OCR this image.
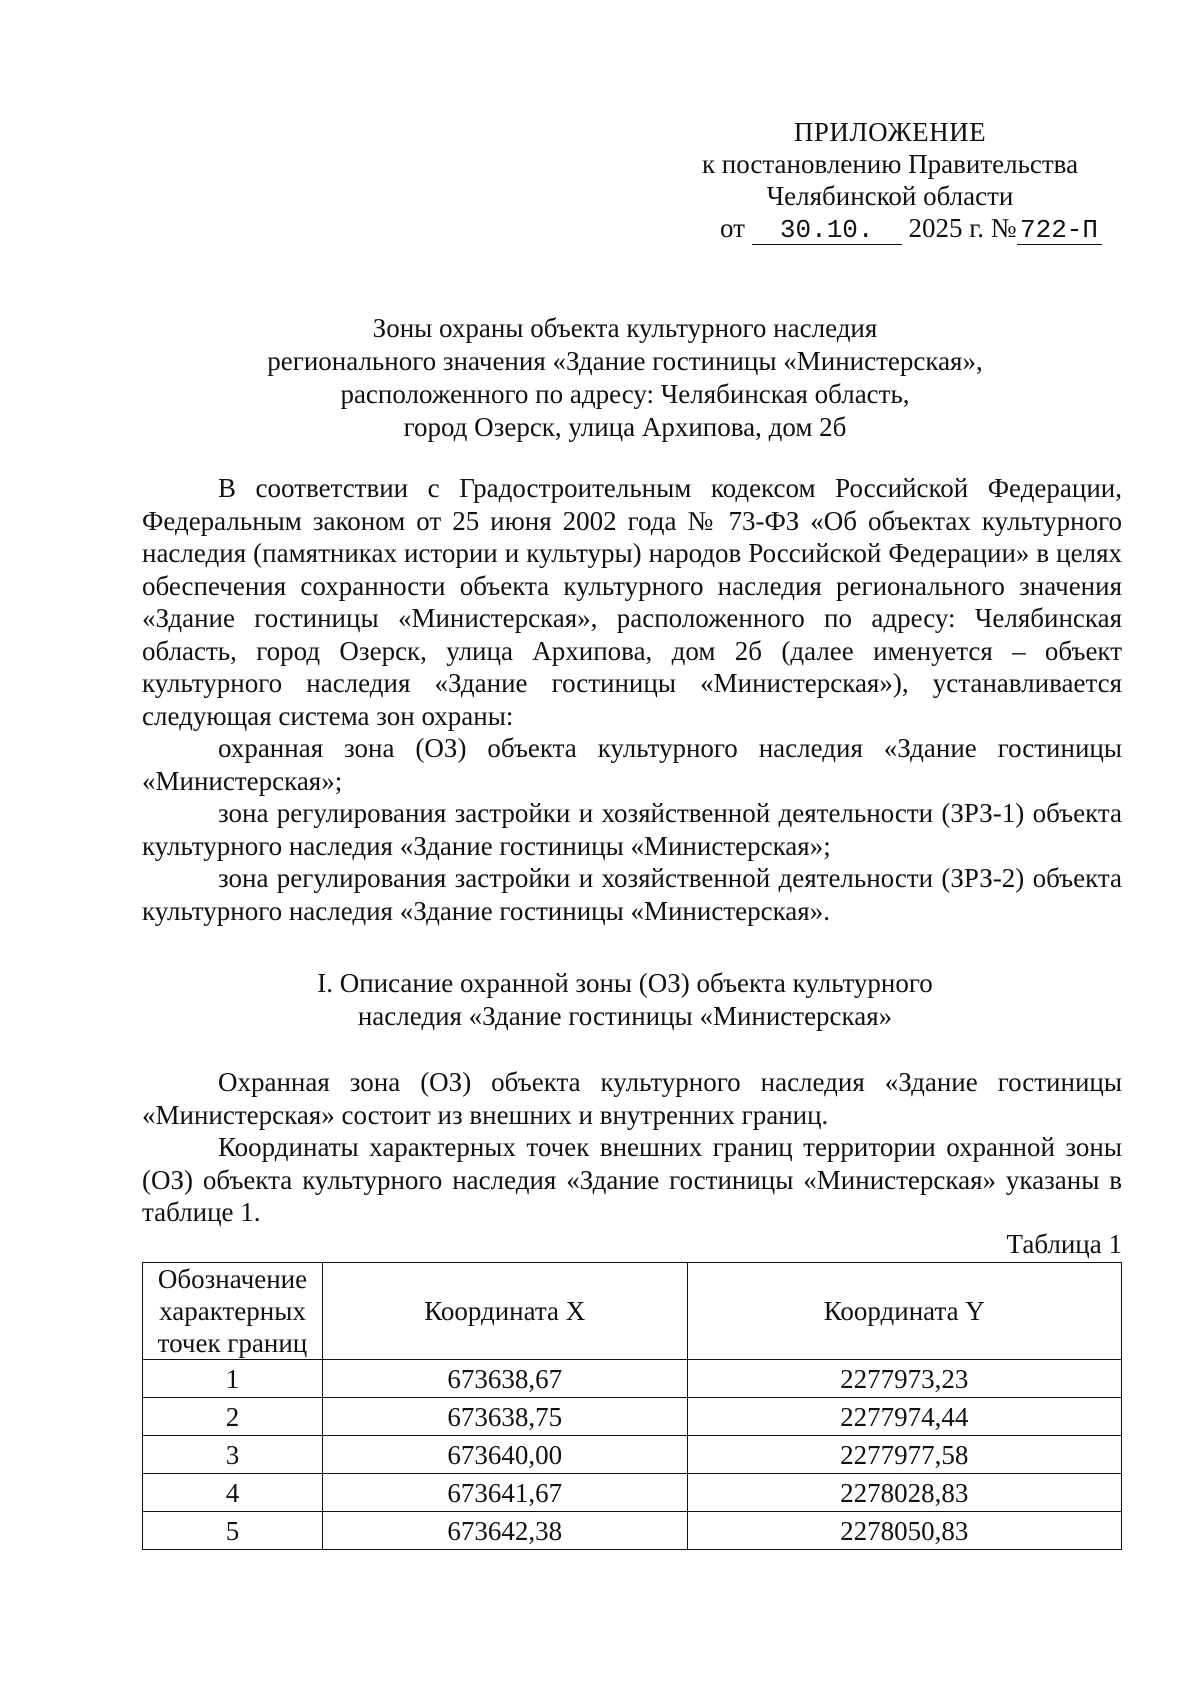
ПРИЛОЖЕНИЕ
к постановлению Правительства
Челябинской области
от 30.10. 2025 г. № 722-П
Зоны охраны объекта культурного наследия
регионального значения «Здание гостиницы «Министерская»,
расположенного по адресу: Челябинская область,
город Озерск, улица Архипова, дом 2б

В соответствии с Градостроительным кодексом Российской Федерации, Федеральным законом от 25 июня 2002 года № 73-ФЗ «Об объектах культурного наследия (памятниках истории и культуры) народов Российской Федерации» в целях обеспечения сохранности объекта культурного наследия регионального значения «Здание гостиницы «Министерская», расположенного по адресу: Челябинская область, город Озерск, улица Архипова, дом 2б (далее именуется – объект культурного наследия «Здание гостиницы «Министерская»), устанавливается следующая система зон охраны:

охранная зона (ОЗ) объекта культурного наследия «Здание гостиницы «Министерская»;

зона регулирования застройки и хозяйственной деятельности (ЗРЗ-1) объекта культурного наследия «Здание гостиницы «Министерская»;

зона регулирования застройки и хозяйственной деятельности (ЗРЗ-2) объекта культурного наследия «Здание гостиницы «Министерская».

I. Описание охранной зоны (ОЗ) объекта культурного
наследия «Здание гостиницы «Министерская»

Охранная зона (ОЗ) объекта культурного наследия «Здание гостиницы «Министерская» состоит из внешних и внутренних границ.

Координаты характерных точек внешних границ территории охранной зоны (ОЗ) объекта культурного наследия «Здание гостиницы «Министерская» указаны в таблице 1.

Таблица 1
Обозначение
характерных
точек границ	Координата X	Координата Y
1	673638,67	2277973,23
2	673638,75	2277974,44
3	673640,00	2277977,58
4	673641,67	2278028,83
5	673642,38	2278050,83
